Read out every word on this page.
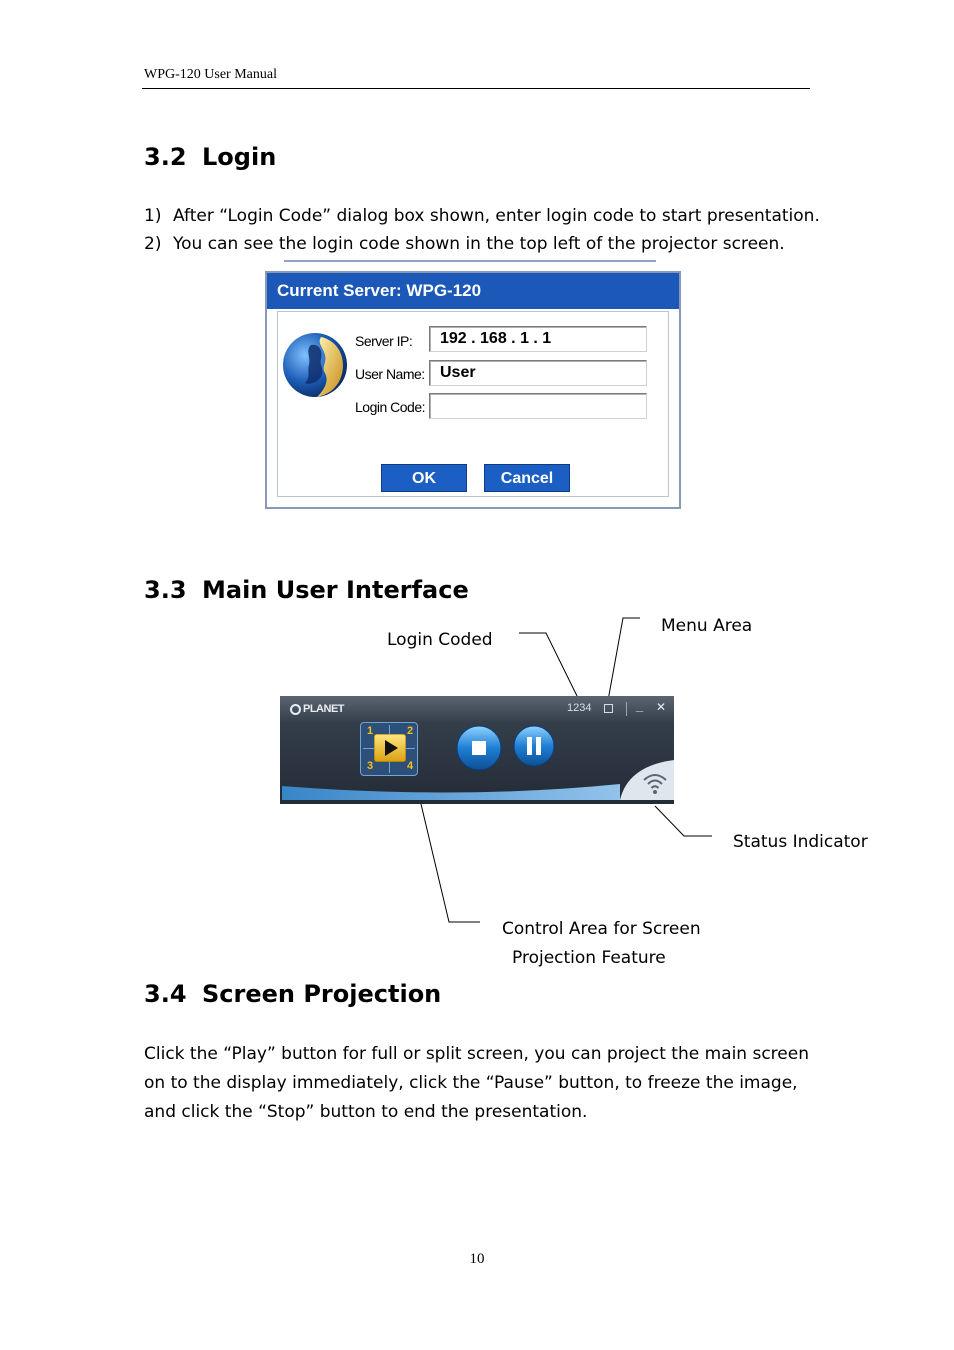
WPG-120 User Manual
3.2 Login
1) After “Login Code” dialog box shown, enter login code to start presentation.
2) You can see the login code shown in the top left of the projector screen.
Current Server: WPG-120
Server IP:	192 . 168 . 1 . 1
User Name: User
Login Code:
OK	Cancel
3.3 Main User Interface
Login Coded
Menu Area
Status Indicator
Control Area for Screen
Projection Feature
PLANET	1234	_ ✕
1	2
3	4
3.4 Screen Projection
Click the “Play” button for full or split screen, you can project the main screen on to the display immediately, click the “Pause” button, to freeze the image, and click the “Stop” button to end the presentation.
10
